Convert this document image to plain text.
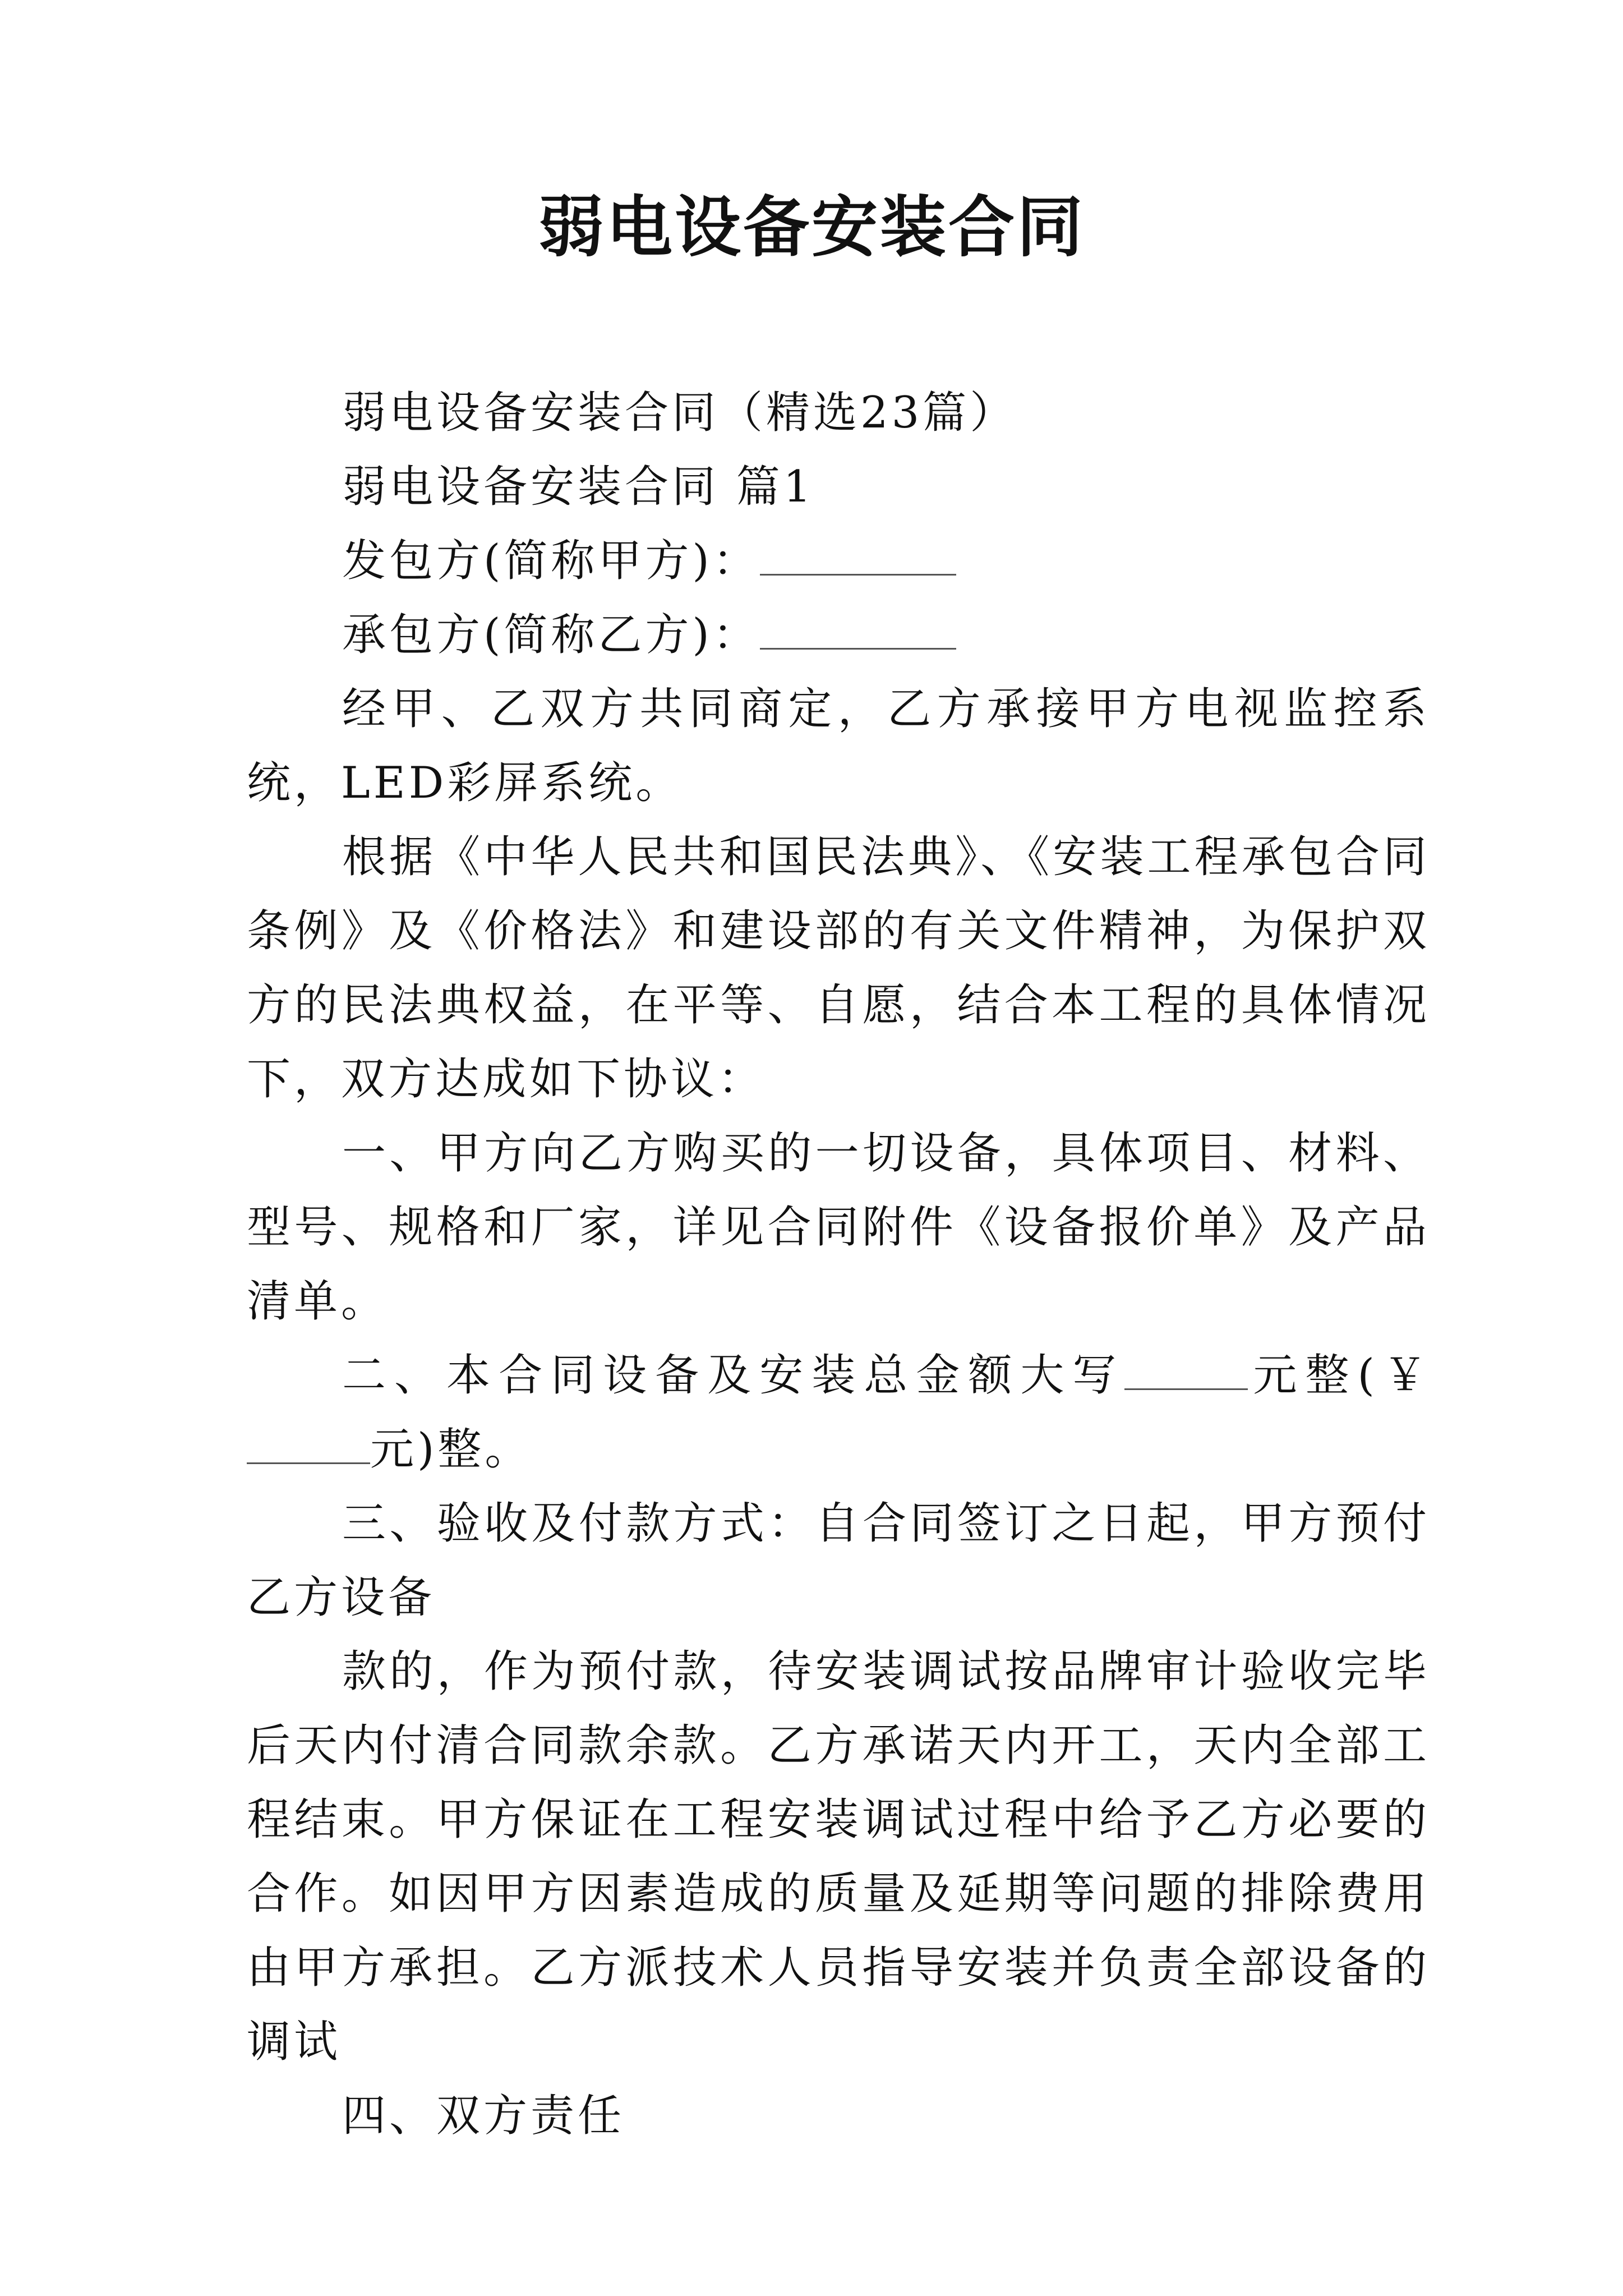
弱电设备安装合同

弱电设备安装合同（精选23篇）

弱电设备安装合同 篇1

发包方(简称甲方)：

承包方(简称乙方)：

经甲、乙双方共同商定，乙方承接甲方电视监控系统，LED彩屏系统。

根据《中华人民共和国民法典》、《安装工程承包合同条例》及《价格法》和建设部的有关文件精神，为保护双方的民法典权益，在平等、自愿，结合本工程的具体情况下，双方达成如下协议：

一、甲方向乙方购买的一切设备，具体项目、材料、型号、规格和厂家，详见合同附件《设备报价单》及产品清单。

二、本合同设备及安装总金额大写	元整(￥元)整。

三、验收及付款方式：自合同签订之日起，甲方预付乙方设备

款的，作为预付款，待安装调试按品牌审计验收完毕后天内付清合同款余款。乙方承诺天内开工，天内全部工程结束。甲方保证在工程安装调试过程中给予乙方必要的合作。如因甲方因素造成的质量及延期等问题的排除费用由甲方承担。乙方派技术人员指导安装并负责全部设备的调试

四、双方责任
